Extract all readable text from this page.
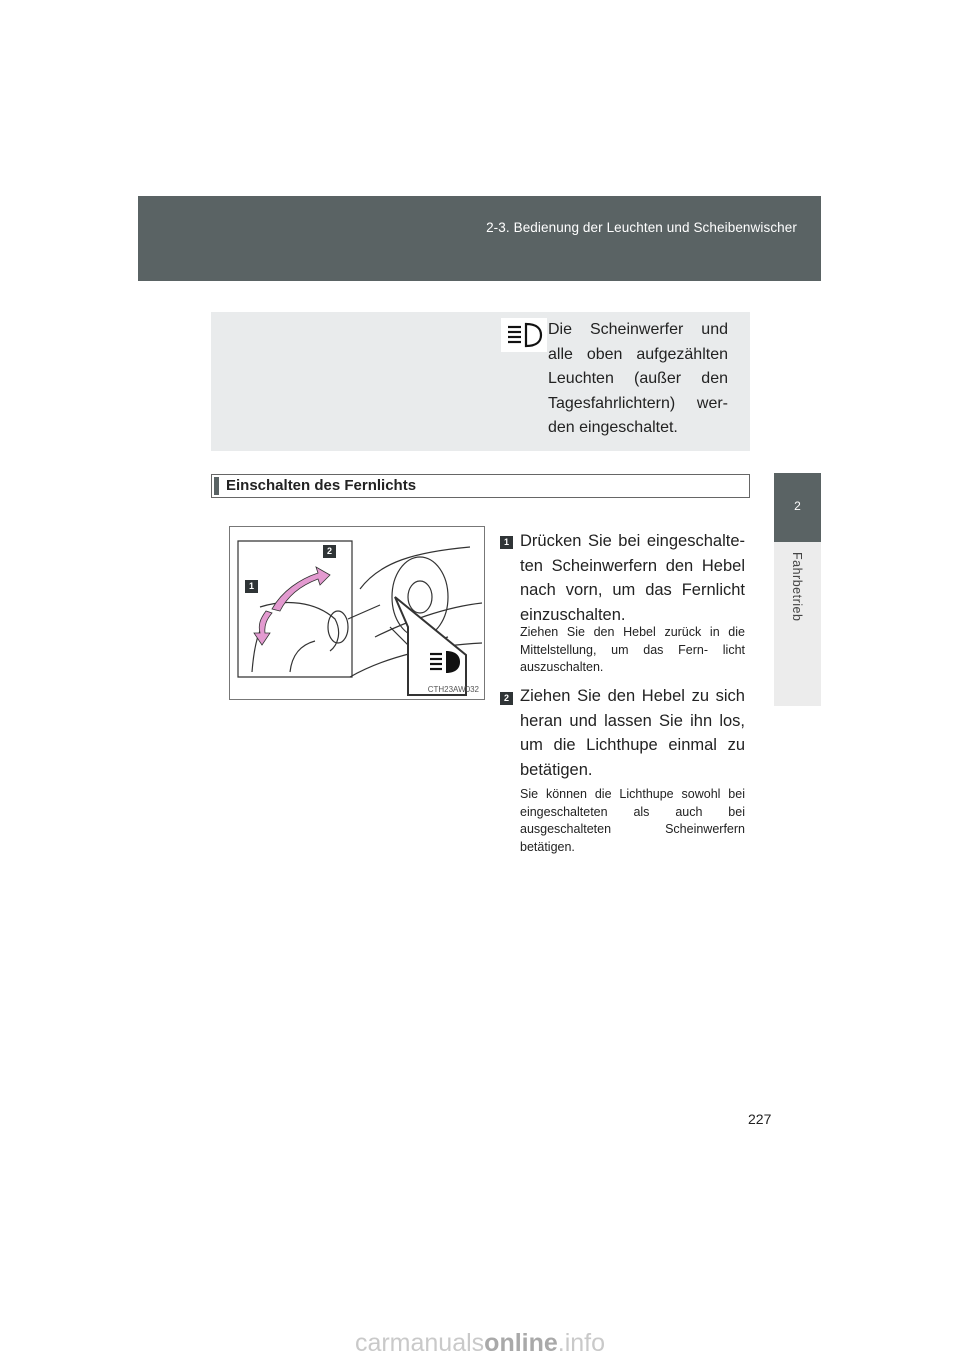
2-3. Bedienung der Leuchten und Scheibenwischer
2
Fahrbetrieb
Die Scheinwerfer und alle oben aufgezählten Leuchten (außer den Tagesfahrlichtern) wer- den eingeschaltet.
Einschalten des Fernlichts
1
2
CTH23AW032
1 Drücken Sie bei eingeschalte- ten Scheinwerfern den Hebel nach vorn, um das Fernlicht einzuschalten.
Ziehen Sie den Hebel zurück in die Mittelstellung, um das Fern- licht auszuschalten.
2 Ziehen Sie den Hebel zu sich heran und lassen Sie ihn los, um die Lichthupe einmal zu betätigen.
Sie können die Lichthupe sowohl bei eingeschalteten als auch bei ausgeschalteten Scheinwerfern betätigen.
227
carmanualsonline.info
